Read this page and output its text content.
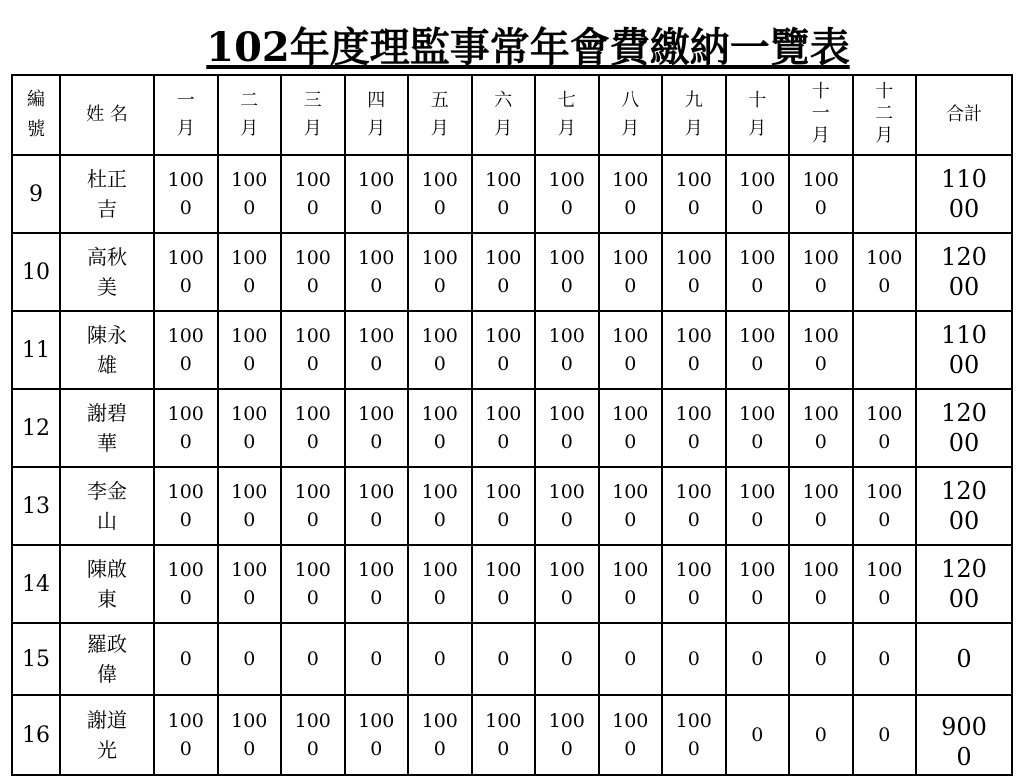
102年度理監事常年會費繳納一覽表
編號	姓 名	一月	二月	三月	四月	五月	六月	七月	八月	九月	十月	十一月	十二月	合計
9	杜正吉	1000	1000	1000	1000	1000	1000	1000	1000	1000	1000	1000		11000
10	高秋美	1000	1000	1000	1000	1000	1000	1000	1000	1000	1000	1000	1000	12000
11	陳永雄	1000	1000	1000	1000	1000	1000	1000	1000	1000	1000	1000		11000
12	謝碧華	1000	1000	1000	1000	1000	1000	1000	1000	1000	1000	1000	1000	12000
13	李金山	1000	1000	1000	1000	1000	1000	1000	1000	1000	1000	1000	1000	12000
14	陳啟東	1000	1000	1000	1000	1000	1000	1000	1000	1000	1000	1000	1000	12000
15	羅政偉	0	0	0	0	0	0	0	0	0	0	0	0	0
16	謝道光	1000	1000	1000	1000	1000	1000	1000	1000	1000	0	0	0	9000
